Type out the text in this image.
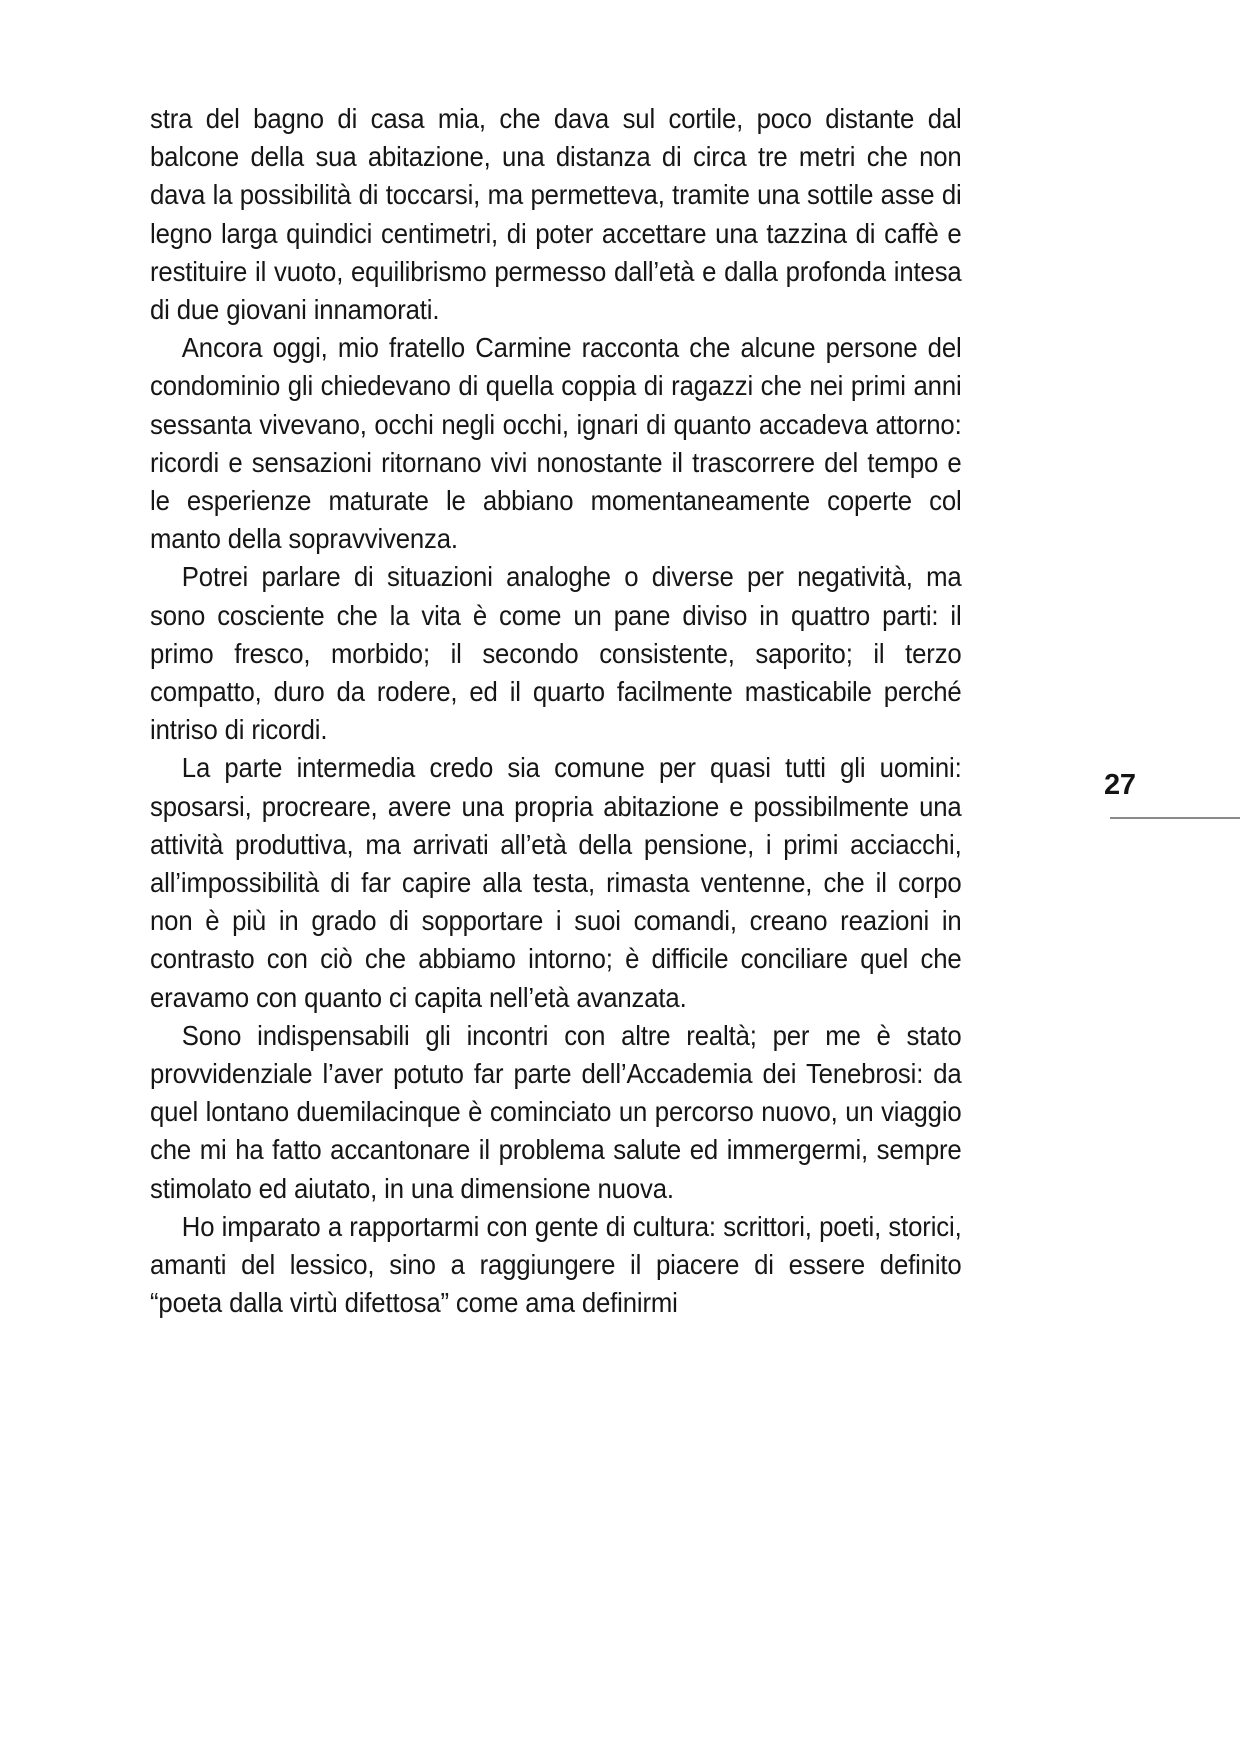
stra del bagno di casa mia, che dava sul cortile, poco distante dal balcone della sua abitazione, una distanza di circa tre metri che non dava la possibilità di toccarsi, ma permetteva, tramite una sottile asse di legno larga quindici centimetri, di poter accettare una tazzina di caffè e restituire il vuoto, equilibrismo permesso dall’età e dalla profonda intesa di due giovani innamorati.

Ancora oggi, mio fratello Carmine racconta che alcune persone del condominio gli chiedevano di quella coppia di ragazzi che nei primi anni sessanta vivevano, occhi negli occhi, ignari di quanto accadeva attorno: ricordi e sensazioni ritornano vivi nonostante il trascorrere del tempo e le esperienze maturate le abbiano momentaneamente coperte col manto della sopravvivenza.

Potrei parlare di situazioni analoghe o diverse per negatività, ma sono cosciente che la vita è come un pane diviso in quattro parti: il primo fresco, morbido; il secondo consistente, saporito; il terzo compatto, duro da rodere, ed il quarto facilmente masticabile perché intriso di ricordi.

La parte intermedia credo sia comune per quasi tutti gli uomini: sposarsi, procreare, avere una propria abitazione e possibilmente una attività produttiva, ma arrivati all’età della pensione, i primi acciacchi, all’impossibilità di far capire alla testa, rimasta ventenne, che il corpo non è più in grado di sopportare i suoi comandi, creano reazioni in contrasto con ciò che abbiamo intorno; è difficile conciliare quel che eravamo con quanto ci capita nell’età avanzata.

Sono indispensabili gli incontri con altre realtà; per me è stato provvidenziale l’aver potuto far parte dell’Accademia dei Tenebrosi: da quel lontano duemilacinque è cominciato un percorso nuovo, un viaggio che mi ha fatto accantonare il problema salute ed immergermi, sempre stimolato ed aiutato, in una dimensione nuova.

Ho imparato a rapportarmi con gente di cultura: scrittori, poeti, storici, amanti del lessico, sino a raggiungere il piacere di essere definito “poeta dalla virtù difettosa” come ama definirmi

27
